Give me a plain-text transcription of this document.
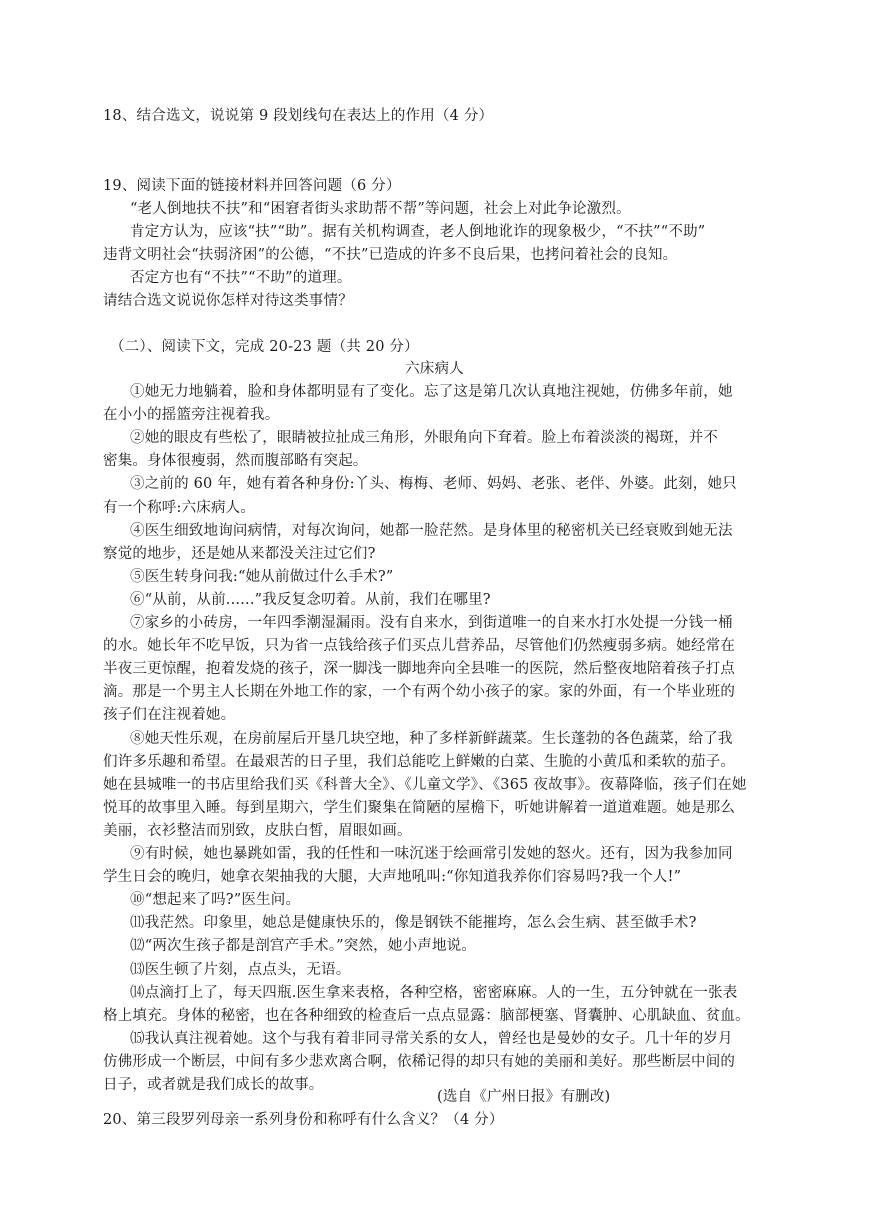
18、结合选文，说说第 9 段划线句在表达上的作用（4 分）
19、阅读下面的链接材料并回答问题（6 分）
“老人倒地扶不扶”和“困窘者街头求助帮不帮”等问题，社会上对此争论激烈。
肯定方认为，应该“扶”“助”。据有关机构调查，老人倒地讹诈的现象极少，“不扶”“不助”
违背文明社会“扶弱济困”的公德，“不扶”已造成的许多不良后果，也拷问着社会的良知。
否定方也有“不扶”“不助”的道理。
请结合选文说说你怎样对待这类事情？
（二）、阅读下文，完成 20-23 题（共 20 分）
六床病人
①她无力地躺着，脸和身体都明显有了变化。忘了这是第几次认真地注视她，仿佛多年前，她
在小小的摇篮旁注视着我。
②她的眼皮有些松了，眼睛被拉扯成三角形，外眼角向下耷着。脸上布着淡淡的褐斑，并不
密集。身体很瘦弱，然而腹部略有突起。
③之前的 60 年，她有着各种身份:丫头、梅梅、老师、妈妈、老张、老伴、外婆。此刻，她只
有一个称呼:六床病人。
④医生细致地询问病情，对每次询问，她都一脸茫然。是身体里的秘密机关已经衰败到她无法
察觉的地步，还是她从来都没关注过它们?
⑤医生转身问我:“她从前做过什么手术?”
⑥“从前，从前......”我反复念叨着。从前，我们在哪里?
⑦家乡的小砖房，一年四季潮湿漏雨。没有自来水，到街道唯一的自来水打水处提一分钱一桶
的水。她长年不吃早饭，只为省一点钱给孩子们买点儿营养品，尽管他们仍然瘦弱多病。她经常在
半夜三更惊醒，抱着发烧的孩子，深一脚浅一脚地奔向全县唯一的医院，然后整夜地陪着孩子打点
滴。那是一个男主人长期在外地工作的家，一个有两个幼小孩子的家。家的外面，有一个毕业班的
孩子们在注视着她。
⑧她天性乐观，在房前屋后开垦几块空地，种了多样新鲜蔬菜。生长蓬勃的各色蔬菜，给了我
们许多乐趣和希望。在最艰苦的日子里，我们总能吃上鲜嫩的白菜、生脆的小黄瓜和柔软的茄子。
她在县城唯一的书店里给我们买《科普大全》、《儿童文学》、《365 夜故事》。夜幕降临，孩子们在她
悦耳的故事里入睡。每到星期六，学生们聚集在简陋的屋檐下，听她讲解着一道道难题。她是那么
美丽，衣衫整洁而别致，皮肤白皙，眉眼如画。
⑨有时候，她也暴跳如雷，我的任性和一味沉迷于绘画常引发她的怒火。还有，因为我参加同
学生日会的晚归，她拿衣架抽我的大腿，大声地吼叫:“你知道我养你们容易吗?我一个人!”
⑩“想起来了吗?”医生问。
⑾我茫然。印象里，她总是健康快乐的，像是钢铁不能摧垮，怎么会生病、甚至做手术?
⑿“两次生孩子都是剖宫产手术。”突然，她小声地说。
⒀医生顿了片刻，点点头，无语。
⒁点滴打上了，每天四瓶.医生拿来表格，各种空格，密密麻麻。人的一生，五分钟就在一张表
格上填充。身体的秘密，也在各种细致的检查后一点点显露：脑部梗塞、肾囊肿、心肌缺血、贫血。
⒂我认真注视着她。这个与我有着非同寻常关系的女人，曾经也是曼妙的女子。几十年的岁月
仿佛形成一个断层，中间有多少悲欢离合啊，依稀记得的却只有她的美丽和美好。那些断层中间的
日子，或者就是我们成长的故事。
(选自《广州日报》有删改)
20、第三段罗列母亲一系列身份和称呼有什么含义？（4 分）
